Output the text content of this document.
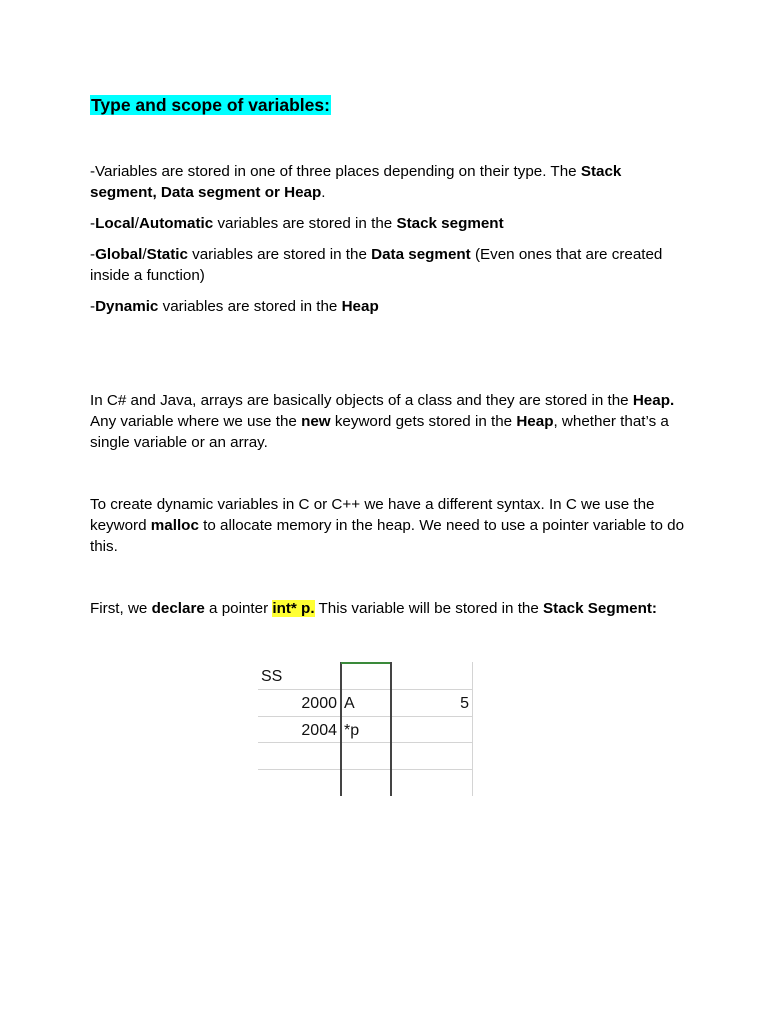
Type and scope of variables:

-Variables are stored in one of three places depending on their type. The Stack segment, Data segment or Heap.

-Local/Automatic variables are stored in the Stack segment

-Global/Static variables are stored in the Data segment (Even ones that are created inside a function)

-Dynamic variables are stored in the Heap

In C# and Java, arrays are basically objects of a class and they are stored in the Heap. Any variable where we use the new keyword gets stored in the Heap, whether that’s a single variable or an array.

To create dynamic variables in C or C++ we have a different syntax. In C we use the keyword malloc to allocate memory in the heap. We need to use a pointer variable to do this.

First, we declare a pointer int* p. This variable will be stored in the Stack Segment:

SS
2000 A	5
2004 *p
